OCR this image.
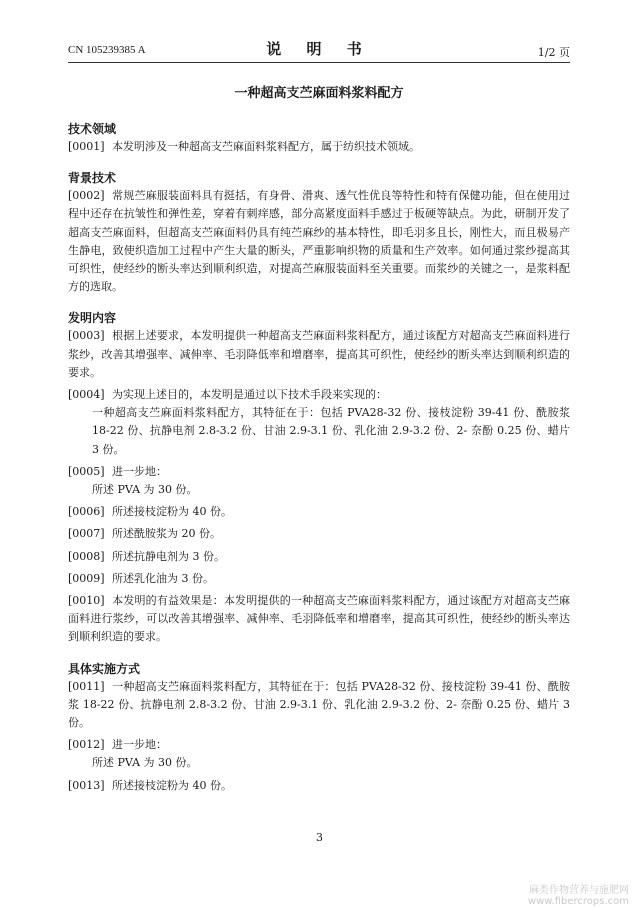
CN 105239385 A	说 明 书	1/2 页
一种超高支苎麻面料浆料配方
技术领域

[0001] 本发明涉及一种超高支苎麻面料浆料配方，属于纺织技术领域。

背景技术

[0002] 常规苎麻服装面料具有挺括，有身骨、滑爽、透气性优良等特性和特有保健功能，但在使用过程中还存在抗皱性和弹性差，穿着有刺痒感，部分高紧度面料手感过于板硬等缺点。为此，研制开发了超高支苎麻面料，但超高支苎麻面料仍具有纯苎麻纱的基本特性，即毛羽多且长，刚性大，而且极易产生静电，致使织造加工过程中产生大量的断头，严重影响织物的质量和生产效率。如何通过浆纱提高其可织性，使经纱的断头率达到顺利织造，对提高苎麻服装面料至关重要。而浆纱的关键之一，是浆料配方的选取。

发明内容

[0003] 根据上述要求，本发明提供一种超高支苎麻面料浆料配方，通过该配方对超高支苎麻面料进行浆纱，改善其增强率、减伸率、毛羽降低率和增磨率，提高其可织性，使经纱的断头率达到顺利织造的要求。

[0004] 为实现上述目的，本发明是通过以下技术手段来实现的：

一种超高支苎麻面料浆料配方，其特征在于：包括 PVA28-32 份、接枝淀粉 39-41 份、酰胺浆 18-22 份、抗静电剂 2.8-3.2 份、甘油 2.9-3.1 份、乳化油 2.9-3.2 份、2- 奈酚 0.25 份、蜡片 3 份。

[0005] 进一步地：

所述 PVA 为 30 份。

[0006] 所述接枝淀粉为 40 份。

[0007] 所述酰胺浆为 20 份。

[0008] 所述抗静电剂为 3 份。

[0009] 所述乳化油为 3 份。

[0010] 本发明的有益效果是：本发明提供的一种超高支苎麻面料浆料配方，通过该配方对超高支苎麻面料进行浆纱，可以改善其增强率、减伸率、毛羽降低率和增磨率，提高其可织性，使经纱的断头率达到顺利织造的要求。

具体实施方式

[0011] 一种超高支苎麻面料浆料配方，其特征在于：包括 PVA28-32 份、接枝淀粉 39-41 份、酰胺浆 18-22 份、抗静电剂 2.8-3.2 份、甘油 2.9-3.1 份、乳化油 2.9-3.2 份、2- 奈酚 0.25 份、蜡片 3 份。

[0012] 进一步地：

所述 PVA 为 30 份。

[0013] 所述接枝淀粉为 40 份。

3
麻类作物营养与施肥网
www.fibercrops.com
